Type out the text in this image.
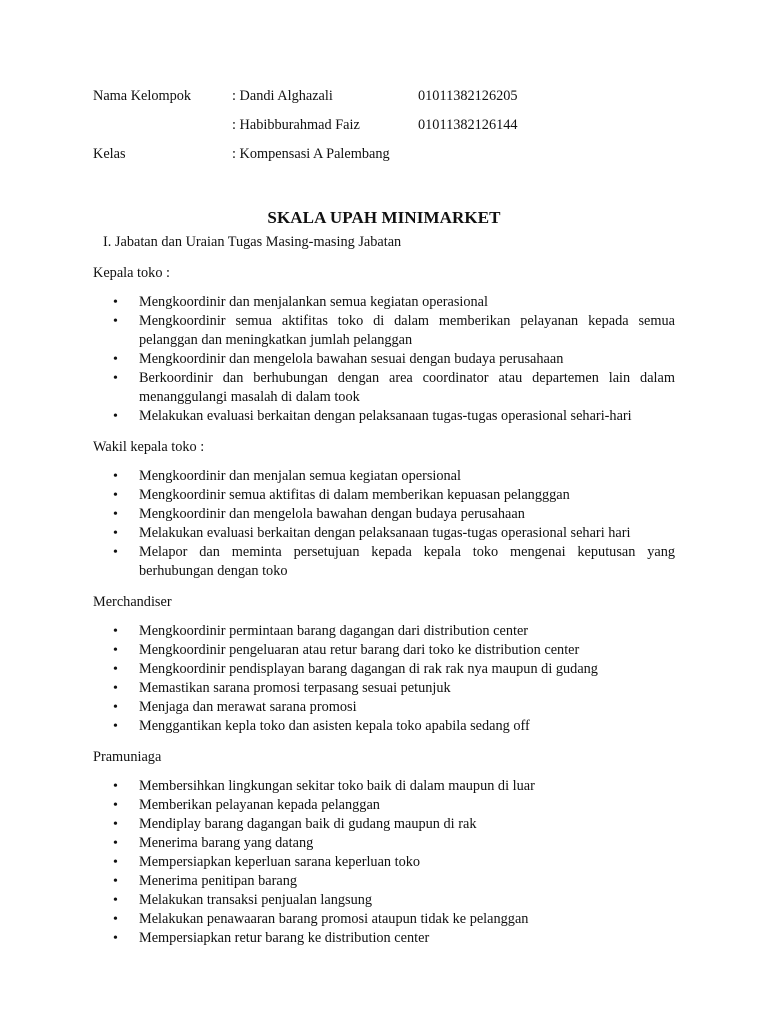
Nama Kelompok	: Dandi Alghazali	01011382126205
	: Habibburahmad Faiz	01011382126144
Kelas	: Kompensasi A Palembang	
SKALA UPAH MINIMARKET

I. Jabatan dan Uraian Tugas Masing-masing Jabatan

Kepala toko :

• Mengkoordinir dan menjalankan semua kegiatan operasional
• Mengkoordinir semua aktifitas toko di dalam memberikan pelayanan kepada semua pelanggan dan meningkatkan jumlah pelanggan
• Mengkoordinir dan mengelola bawahan sesuai dengan budaya perusahaan
• Berkoordinir dan berhubungan dengan area coordinator atau departemen lain dalam menanggulangi masalah di dalam took
• Melakukan evaluasi berkaitan dengan pelaksanaan tugas-tugas operasional sehari-hari

Wakil kepala toko :

• Mengkoordinir dan menjalan semua kegiatan opersional
• Mengkoordinir semua aktifitas di dalam memberikan kepuasan pelangggan
• Mengkoordinir dan mengelola bawahan dengan budaya perusahaan
• Melakukan evaluasi berkaitan dengan pelaksanaan tugas-tugas operasional sehari hari
• Melapor dan meminta persetujuan kepada kepala toko mengenai keputusan yang berhubungan dengan toko

Merchandiser

• Mengkoordinir permintaan barang dagangan dari distribution center
• Mengkoordinir pengeluaran atau retur barang dari toko ke distribution center
• Mengkoordinir pendisplayan barang dagangan di rak rak nya maupun di gudang
• Memastikan sarana promosi terpasang sesuai petunjuk
• Menjaga dan merawat sarana promosi
• Menggantikan kepla toko dan asisten kepala toko apabila sedang off

Pramuniaga

• Membersihkan lingkungan sekitar toko baik di dalam maupun di luar
• Memberikan pelayanan kepada pelanggan
• Mendiplay barang dagangan baik di gudang maupun di rak
• Menerima barang yang datang
• Mempersiapkan keperluan sarana keperluan toko
• Menerima penitipan barang
• Melakukan transaksi penjualan langsung
• Melakukan penawaaran barang promosi ataupun tidak ke pelanggan
• Mempersiapkan retur barang ke distribution center
